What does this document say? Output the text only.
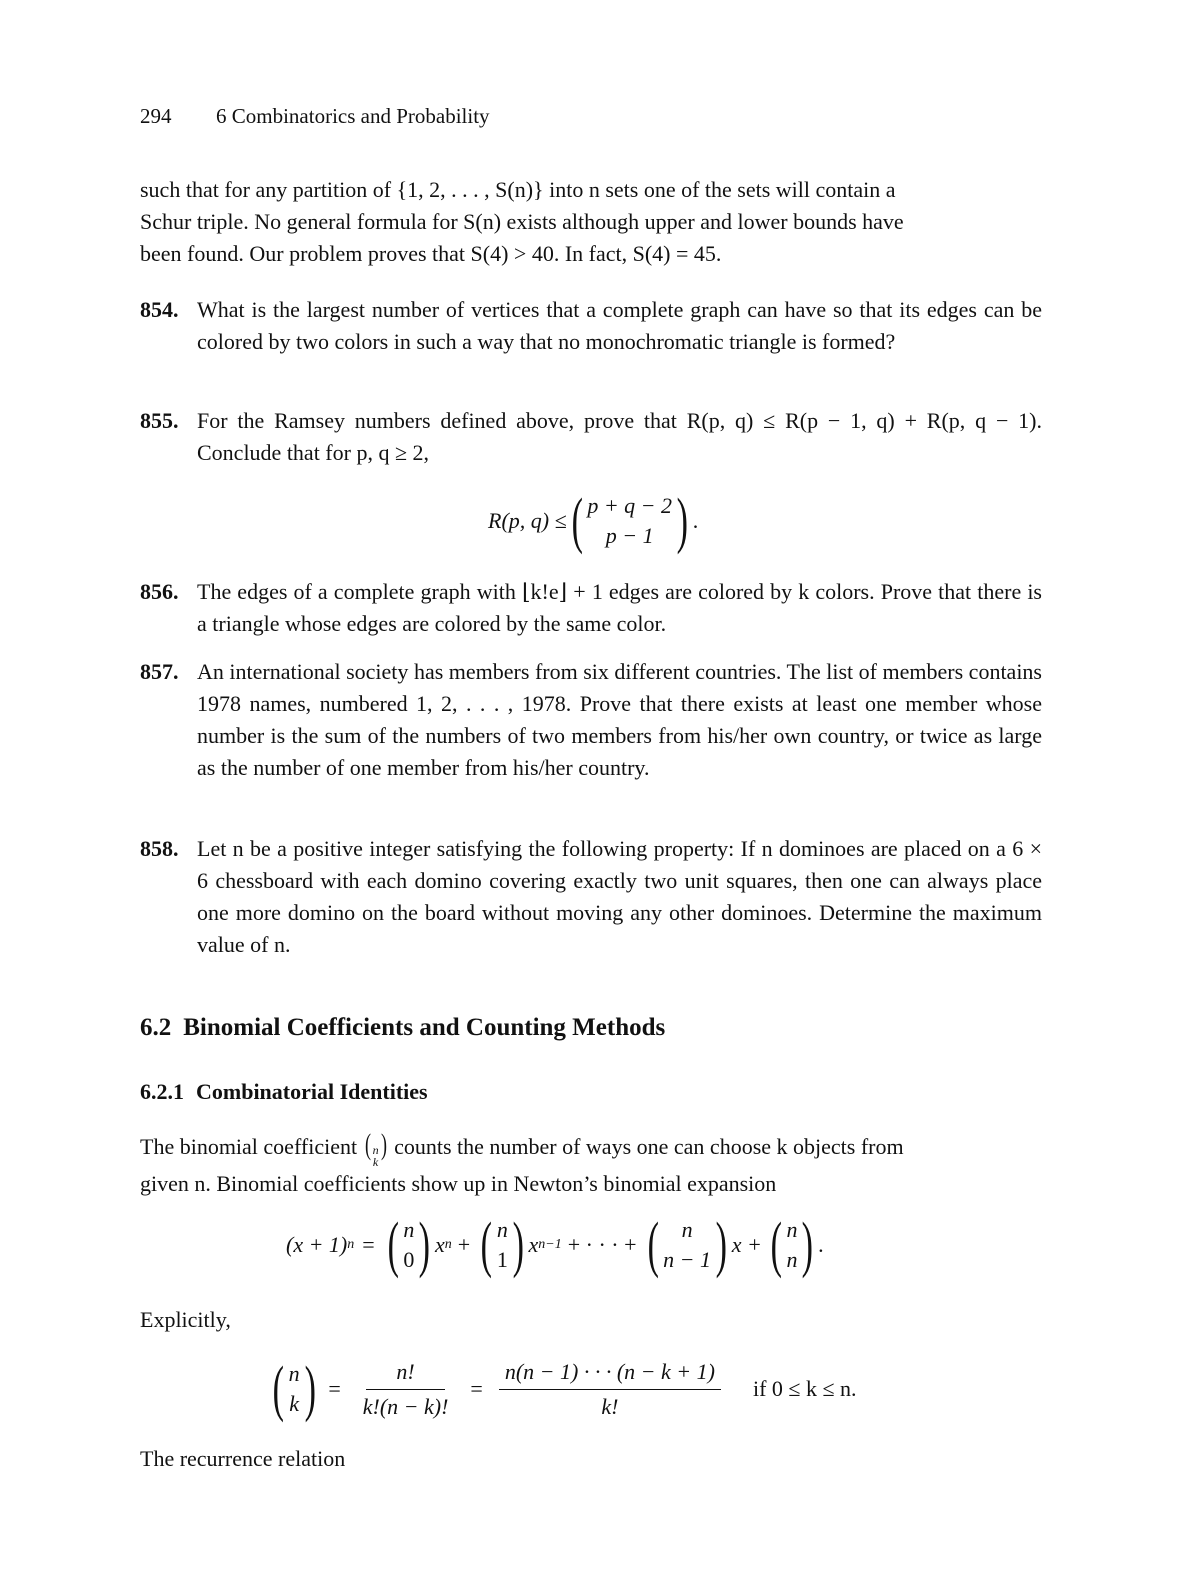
294 6 Combinatorics and Probability
such that for any partition of {1, 2, . . . , S(n)} into n sets one of the sets will contain a
Schur triple. No general formula for S(n) exists although upper and lower bounds have
been found. Our problem proves that S(4) > 40. In fact, S(4) = 45.
854. What is the largest number of vertices that a complete graph can have so that its edges can be colored by two colors in such a way that no monochromatic triangle is formed?
855. For the Ramsey numbers defined above, prove that R(p, q) ≤ R(p − 1, q) + R(p, q − 1). Conclude that for p, q ≥ 2,
R(p, q) ≤ ( p + q − 2
p − 1 ) .
856. The edges of a complete graph with ⌊k!e⌋ + 1 edges are colored by k colors. Prove that there is a triangle whose edges are colored by the same color.
857. An international society has members from six different countries. The list of members contains 1978 names, numbered 1, 2, . . . , 1978. Prove that there exists at least one member whose number is the sum of the numbers of two members from his/her own country, or twice as large as the number of one member from his/her country.
858. Let n be a positive integer satisfying the following property: If n dominoes are placed on a 6 × 6 chessboard with each domino covering exactly two unit squares, then one can always place one more domino on the board without moving any other dominoes. Determine the maximum value of n.
6.2 Binomial Coefficients and Counting Methods
6.2.1 Combinatorial Identities
The binomial coefficient ( n
k
) counts the number of ways one can choose k objects from
given n. Binomial coefficients show up in Newton’s binomial expansion
(x + 1) n = ( n
0 ) x n + ( n
1 ) x n−1 + · · · + ( n
n − 1 ) x + ( n
n ) .
Explicitly,
( n
k ) = $\frac{n!}{k!(n - k)!} = \frac{n(n - 1) \cdot \cdot \cdot (n - k + 1)}{k!}$ if 0 ≤ k ≤ n.
The recurrence relation
